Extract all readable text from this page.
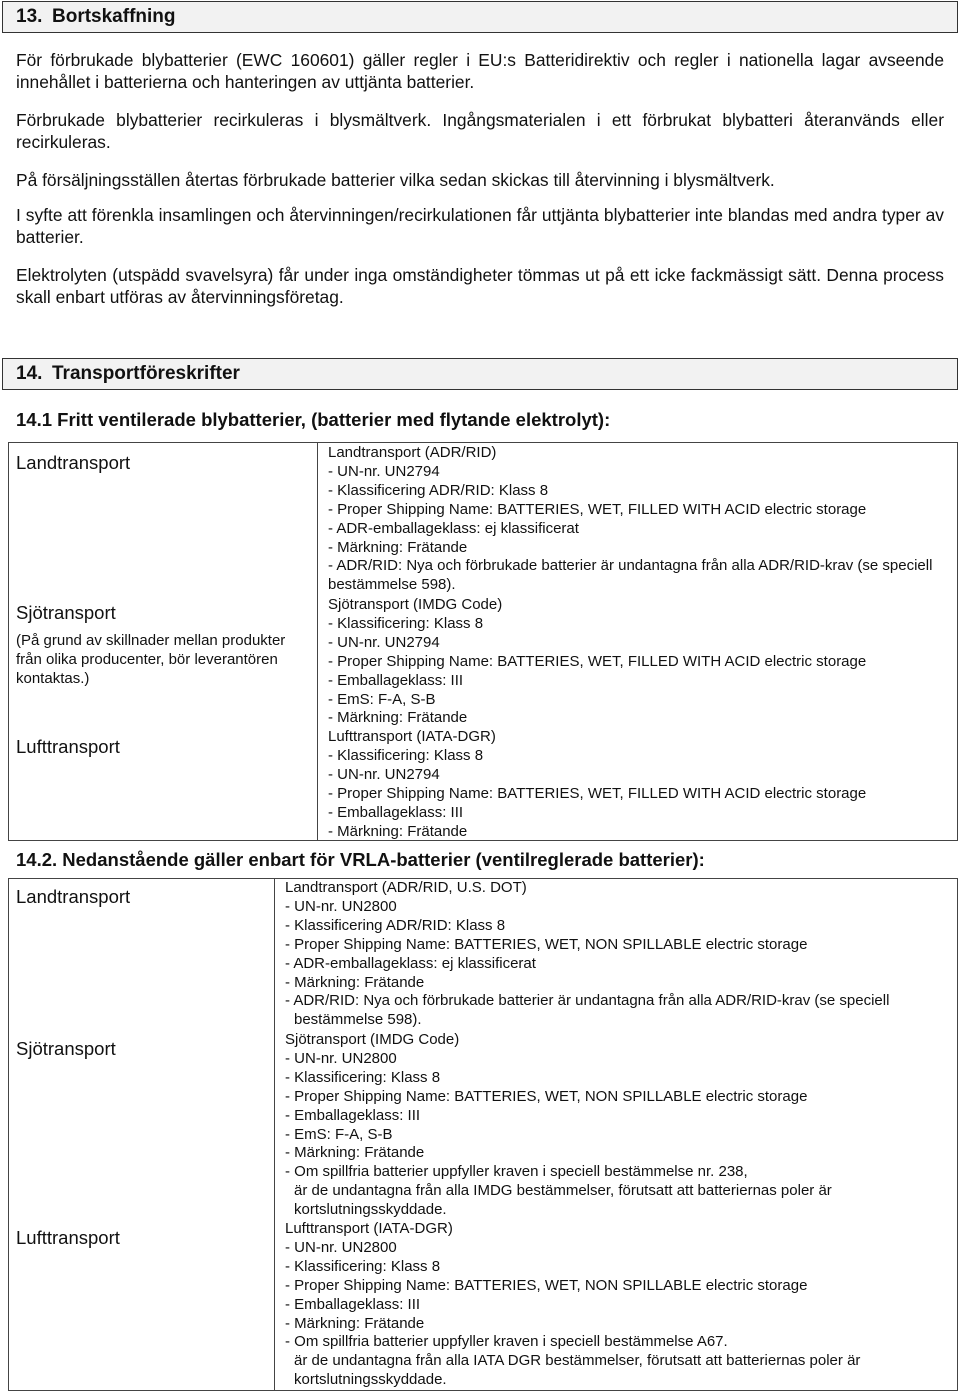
13. Bortskaffning

För förbrukade blybatterier (EWC 160601) gäller regler i EU:s Batteridirektiv och regler i nationella lagar avseende innehållet i batterierna och hanteringen av uttjänta batterier.

Förbrukade blybatterier recirkuleras i blysmältverk. Ingångsmaterialen i ett förbrukat blybatteri återanvänds eller recirkuleras.

På försäljningsställen återtas förbrukade batterier vilka sedan skickas till återvinning i blysmältverk.

I syfte att förenkla insamlingen och återvinningen/recirkulationen får uttjänta blybatterier inte blandas med andra typer av batterier.

Elektrolyten (utspädd svavelsyra) får under inga omständigheter tömmas ut på ett icke fackmässigt sätt. Denna process skall enbart utföras av återvinningsföretag.

14. Transportföreskrifter
14.1 Fritt ventilerade blybatterier, (batterier med flytande elektrolyt):
Landtransport
Sjötransport
(På grund av skillnader mellan produkter från olika producenter, bör leverantören kontaktas.)
Lufttransport
Landtransport (ADR/RID)
- UN-nr. UN2794
- Klassificering ADR/RID: Klass 8
- Proper Shipping Name: BATTERIES, WET, FILLED WITH ACID electric storage
- ADR-emballageklass: ej klassificerat
- Märkning: Frätande
- ADR/RID: Nya och förbrukade batterier är undantagna från alla ADR/RID-krav (se speciell bestämmelse 598).
Sjötransport (IMDG Code)
- Klassificering: Klass 8
- UN-nr. UN2794
- Proper Shipping Name: BATTERIES, WET, FILLED WITH ACID electric storage
- Emballageklass: III
- EmS: F-A, S-B
- Märkning: Frätande
Lufttransport (IATA-DGR)
- Klassificering: Klass 8
- UN-nr. UN2794
- Proper Shipping Name: BATTERIES, WET, FILLED WITH ACID electric storage
- Emballageklass: III
- Märkning: Frätande
14.2. Nedanstående gäller enbart för VRLA-batterier (ventilreglerade batterier):
Landtransport
Sjötransport
Lufttransport
Landtransport (ADR/RID, U.S. DOT)
- UN-nr. UN2800
- Klassificering ADR/RID: Klass 8
- Proper Shipping Name: BATTERIES, WET, NON SPILLABLE electric storage
- ADR-emballageklass: ej klassificerat
- Märkning: Frätande
- ADR/RID: Nya och förbrukade batterier är undantagna från alla ADR/RID-krav (se speciell
bestämmelse 598).
Sjötransport (IMDG Code)
- UN-nr. UN2800
- Klassificering: Klass 8
- Proper Shipping Name: BATTERIES, WET, NON SPILLABLE electric storage
- Emballageklass: III
- EmS: F-A, S-B
- Märkning: Frätande
- Om spillfria batterier uppfyller kraven i speciell bestämmelse nr. 238,
är de undantagna från alla IMDG bestämmelser, förutsatt att batteriernas poler är
kortslutningsskyddade.
Lufttransport (IATA-DGR)
- UN-nr. UN2800
- Klassificering: Klass 8
- Proper Shipping Name: BATTERIES, WET, NON SPILLABLE electric storage
- Emballageklass: III
- Märkning: Frätande
- Om spillfria batterier uppfyller kraven i speciell bestämmelse A67.
är de undantagna från alla IATA DGR bestämmelser, förutsatt att batteriernas poler är
kortslutningsskyddade.
